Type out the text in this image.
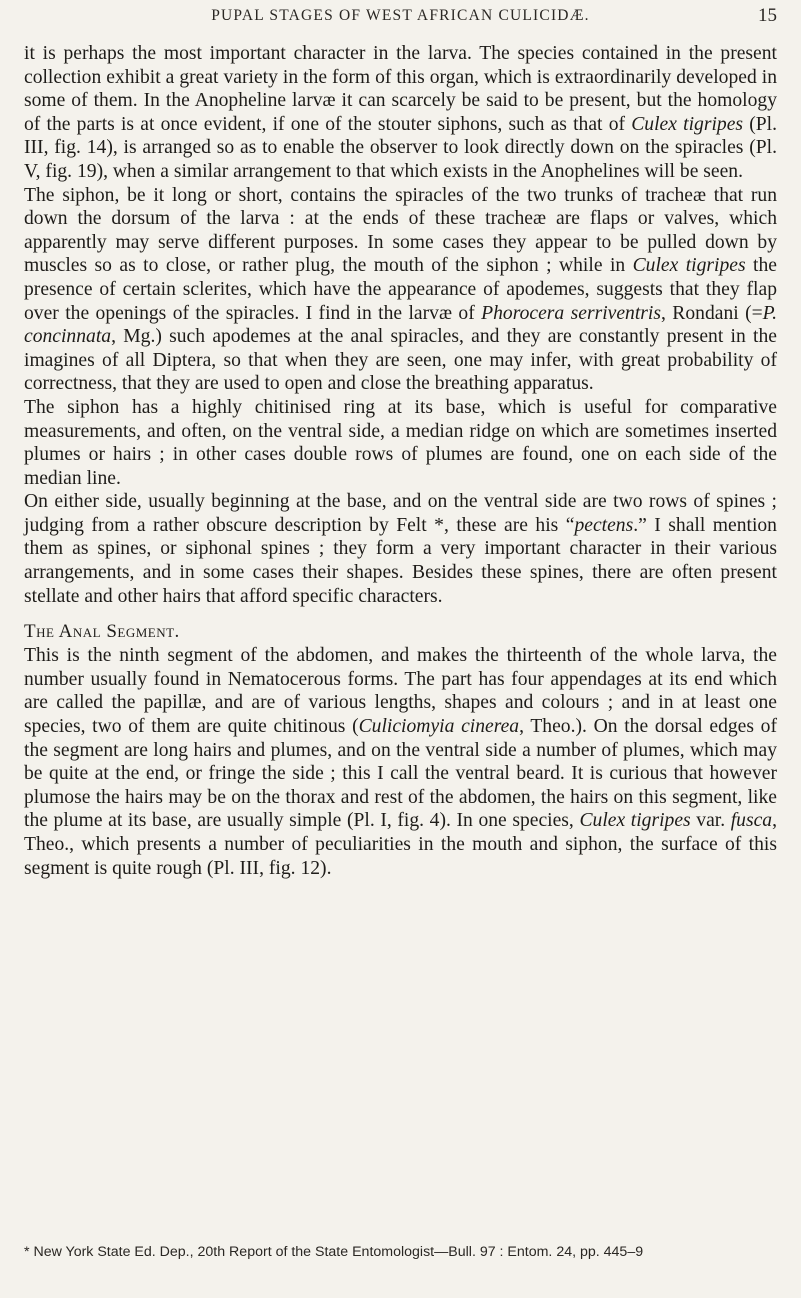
PUPAL STAGES OF WEST AFRICAN CULICIDÆ.	15

it is perhaps the most important character in the larva. The species contained in the present collection exhibit a great variety in the form of this organ, which is extraordinarily developed in some of them. In the Anopheline larvæ it can scarcely be said to be present, but the homology of the parts is at once evident, if one of the stouter siphons, such as that of Culex tigripes (Pl. III, fig. 14), is arranged so as to enable the observer to look directly down on the spiracles (Pl. V, fig. 19), when a similar arrangement to that which exists in the Anophelines will be seen.

The siphon, be it long or short, contains the spiracles of the two trunks of tracheæ that run down the dorsum of the larva : at the ends of these tracheæ are flaps or valves, which apparently may serve different purposes. In some cases they appear to be pulled down by muscles so as to close, or rather plug, the mouth of the siphon ; while in Culex tigripes the presence of certain sclerites, which have the appearance of apodemes, suggests that they flap over the openings of the spiracles. I find in the larvæ of Phorocera serriventris, Rondani (=P. concinnata, Mg.) such apodemes at the anal spiracles, and they are constantly present in the imagines of all Diptera, so that when they are seen, one may infer, with great probability of correctness, that they are used to open and close the breathing apparatus.

The siphon has a highly chitinised ring at its base, which is useful for comparative measurements, and often, on the ventral side, a median ridge on which are sometimes inserted plumes or hairs ; in other cases double rows of plumes are found, one on each side of the median line.

On either side, usually beginning at the base, and on the ventral side are two rows of spines ; judging from a rather obscure description by Felt *, these are his “pectens.” I shall mention them as spines, or siphonal spines ; they form a very important character in their various arrangements, and in some cases their shapes. Besides these spines, there are often present stellate and other hairs that afford specific characters.

The Anal Segment.

This is the ninth segment of the abdomen, and makes the thirteenth of the whole larva, the number usually found in Nematocerous forms. The part has four appendages at its end which are called the papillæ, and are of various lengths, shapes and colours ; and in at least one species, two of them are quite chitinous (Culiciomyia cinerea, Theo.). On the dorsal edges of the segment are long hairs and plumes, and on the ventral side a number of plumes, which may be quite at the end, or fringe the side ; this I call the ventral beard. It is curious that however plumose the hairs may be on the thorax and rest of the abdomen, the hairs on this segment, like the plume at its base, are usually simple (Pl. I, fig. 4). In one species, Culex tigripes var. fusca, Theo., which presents a number of peculiarities in the mouth and siphon, the surface of this segment is quite rough (Pl. III, fig. 12).

* New York State Ed. Dep., 20th Report of the State Entomologist—Bull. 97 : Entom. 24, pp. 445–9
